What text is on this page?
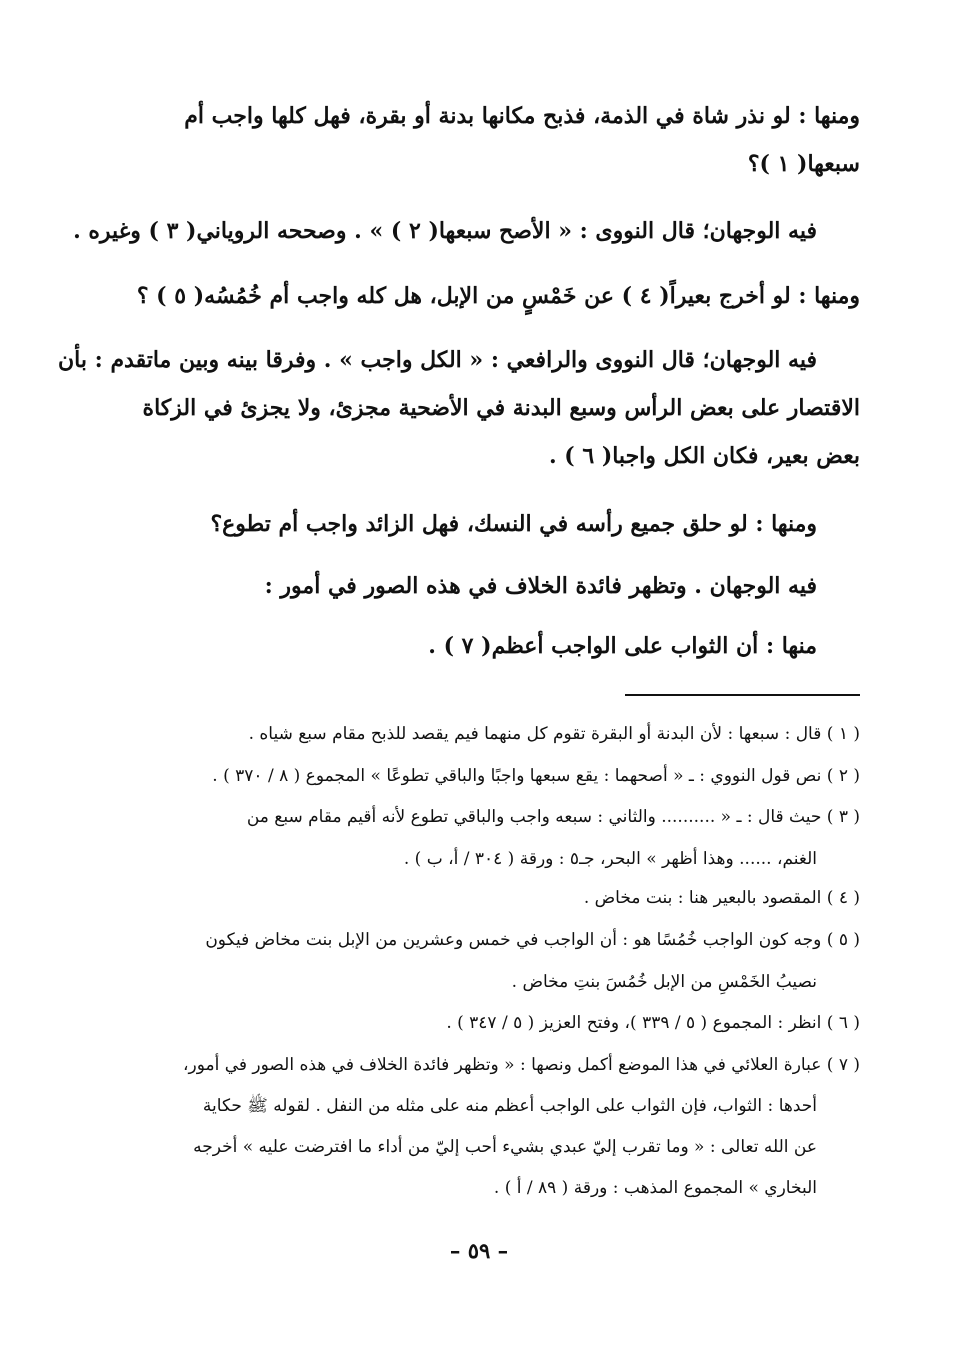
ومنها : لو نذر شاة في الذمة، فذبح مكانها بدنة أو بقرة، فهل كلها واجب أم
سبعها( ١ )؟
فيه الوجهان؛ قال النووى : « الأصح سبعها( ٢ ) » . وصححه الروياني( ٣ ) وغيره .
ومنها : لو أخرج بعيراً( ٤ ) عن خَمْسٍ من الإبل، هل كله واجب أم خُمُسُه( ٥ ) ؟
فيه الوجهان؛ قال النووى والرافعي : « الكل واجب » . وفرقا بينه وبين ماتقدم : بأن
الاقتصار على بعض الرأس وسبع البدنة في الأضحية مجزئ، ولا يجزئ في الزكاة
بعض بعير، فكان الكل واجبا( ٦ ) .
ومنها : لو حلق جميع رأسه في النسك، فهل الزائد واجب أم تطوع؟
فيه الوجهان . وتظهر فائدة الخلاف في هذه الصور في أمور :
منها : أن الثواب على الواجب أعظم( ٧ ) .
( ١ ) قال : سبعها : لأن البدنة أو البقرة تقوم كل منهما فيم يقصد للذبح مقام سبع شياه .
( ٢ ) نص قول النووي : ـ « أصحهما : يقع سبعها واجبًا والباقي تطوعًا » المجموع ( ٨ / ٣٧٠ ) .
( ٣ ) حيث قال : ـ « .......... والثاني : سبعه واجب والباقي تطوع لأنه أقيم مقام سبع من
الغنم، ...... وهذا أظهر » البحر، جـ٥ : ورقة ( ٣٠٤ / أ، ب ) .
( ٤ ) المقصود بالبعير هنا : بنت مخاض .
( ٥ ) وجه كون الواجب خُمُسًا هو : أن الواجب في خمس وعشرين من الإبل بنت مخاض فيكون
نصيبُ الخَمْسِ من الإبل خُمُسَ بنتِ مخاض .
( ٦ ) انظر : المجموع ( ٥ / ٣٣٩ )، وفتح العزيز ( ٥ / ٣٤٧ ) .
( ٧ ) عبارة العلائي في هذا الموضع أكمل ونصها : « وتظهر فائدة الخلاف في هذه الصور في أمور،
أحدها : الثواب، فإن الثواب على الواجب أعظم منه على مثله من النفل . لقوله ﷺ حكاية
عن الله تعالى : « وما تقرب إليّ عبدي بشيء أحب إليّ من أداء ما افترضت عليه » أخرجه
البخاري » المجموع المذهب : ورقة ( ٨٩ / أ ) .
– ٥٩ –
